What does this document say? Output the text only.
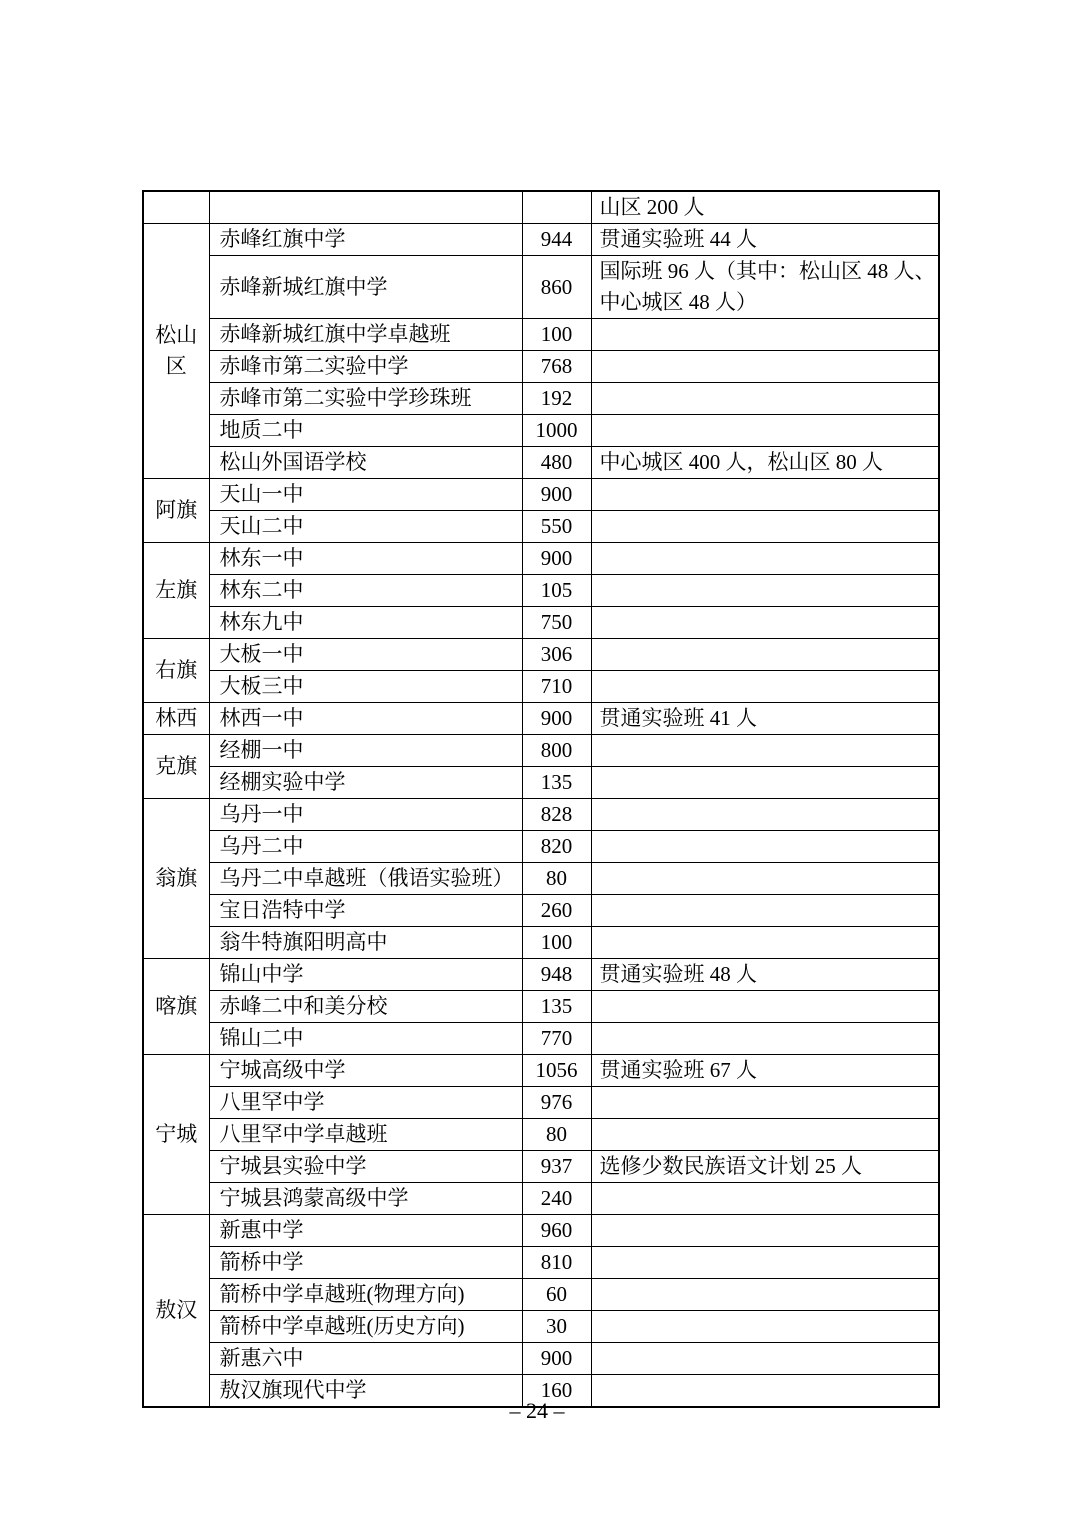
			山区 200 人
松山区	赤峰红旗中学	944	贯通实验班 44 人
	赤峰新城红旗中学	860	国际班 96 人（其中：松山区 48 人、中心城区 48 人）
	赤峰新城红旗中学卓越班	100	
	赤峰市第二实验中学	768	
	赤峰市第二实验中学珍珠班	192	
	地质二中	1000	
	松山外国语学校	480	中心城区 400 人，松山区 80 人
阿旗	天山一中	900	
	天山二中	550	
左旗	林东一中	900	
	林东二中	105	
	林东九中	750	
右旗	大板一中	306	
	大板三中	710	
林西	林西一中	900	贯通实验班 41 人
克旗	经棚一中	800	
	经棚实验中学	135	
翁旗	乌丹一中	828	
	乌丹二中	820	
	乌丹二中卓越班（俄语实验班）	80	
	宝日浩特中学	260	
	翁牛特旗阳明高中	100	
喀旗	锦山中学	948	贯通实验班 48 人
	赤峰二中和美分校	135	
	锦山二中	770	
宁城	宁城高级中学	1056	贯通实验班 67 人
	八里罕中学	976	
	八里罕中学卓越班	80	
	宁城县实验中学	937	选修少数民族语文计划 25 人
	宁城县鸿蒙高级中学	240	
敖汉	新惠中学	960	
	箭桥中学	810	
	箭桥中学卓越班(物理方向)	60	
	箭桥中学卓越班(历史方向)	30	
	新惠六中	900	
	敖汉旗现代中学	160	
– 24 –
